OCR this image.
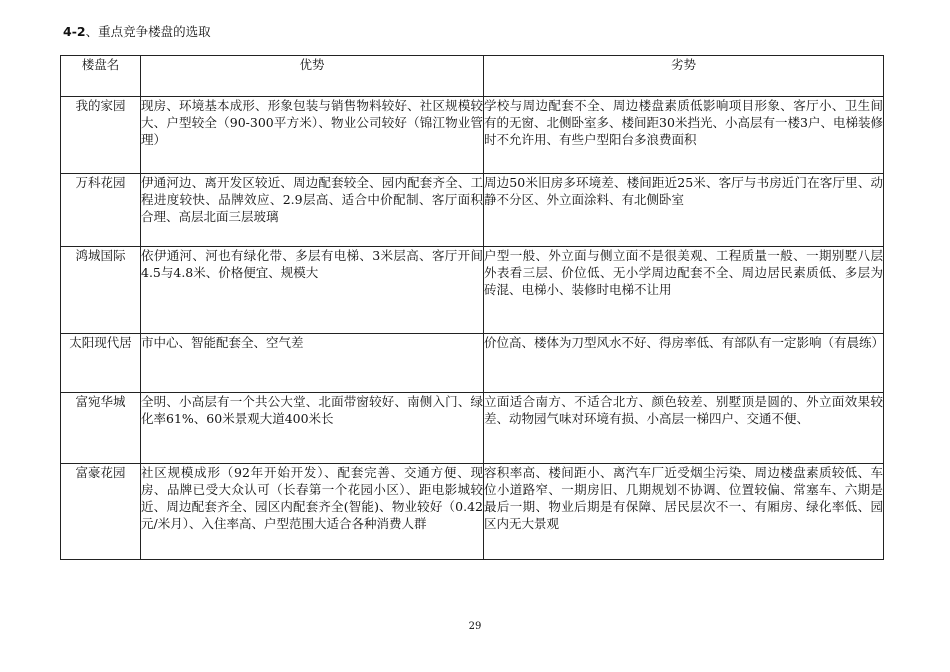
4-2、重点竞争楼盘的选取
楼盘名	优势	劣势
我的家园	现房、环境基本成形、形象包装与销售物料较好、社区规模较大、户型较全（90-300平方米）、物业公司较好（锦江物业管理）	学校与周边配套不全、周边楼盘素质低影响项目形象、客厅小、卫生间有的无窗、北侧卧室多、楼间距30米挡光、小高层有一楼3户、电梯装修时不允许用、有些户型阳台多浪费面积
万科花园	伊通河边、离开发区较近、周边配套较全、园内配套齐全、工程进度较快、品牌效应、2.9层高、适合中价配制、客厅面积合理、高层北面三层玻璃	周边50米旧房多环境差、楼间距近25米、客厅与书房近门在客厅里、动静不分区、外立面涂料、有北侧卧室
鸿城国际	依伊通河、河也有绿化带、多层有电梯、3米层高、客厅开间4.5与4.8米、价格便宜、规模大	户型一般、外立面与侧立面不是很美观、工程质量一般、一期别墅八层外表看三层、价位低、无小学周边配套不全、周边居民素质低、多层为砖混、电梯小、装修时电梯不让用
太阳现代居	市中心、智能配套全、空气差	价位高、楼体为刀型风水不好、得房率低、有部队有一定影响（有晨练）
富宛华城	全明、小高层有一个共公大堂、北面带窗较好、南侧入门、绿化率61%、60米景观大道400米长	立面适合南方、不适合北方、颜色较差、别墅顶是圆的、外立面效果较差、动物园气味对环境有损、小高层一梯四户、交通不便、
富豪花园	社区规模成形（92年开始开发）、配套完善、交通方便、现房、品牌已受大众认可（长春第一个花园小区）、距电影城较近、周边配套齐全、园区内配套齐全(智能)、物业较好（0.42元/米月）、入住率高、户型范围大适合各种消费人群	容积率高、楼间距小、离汽车厂近受烟尘污染、周边楼盘素质较低、车位小道路窄、一期房旧、几期规划不协调、位置较偏、常塞车、六期是最后一期、物业后期是有保障、居民层次不一、有厢房、绿化率低、园区内无大景观
29
